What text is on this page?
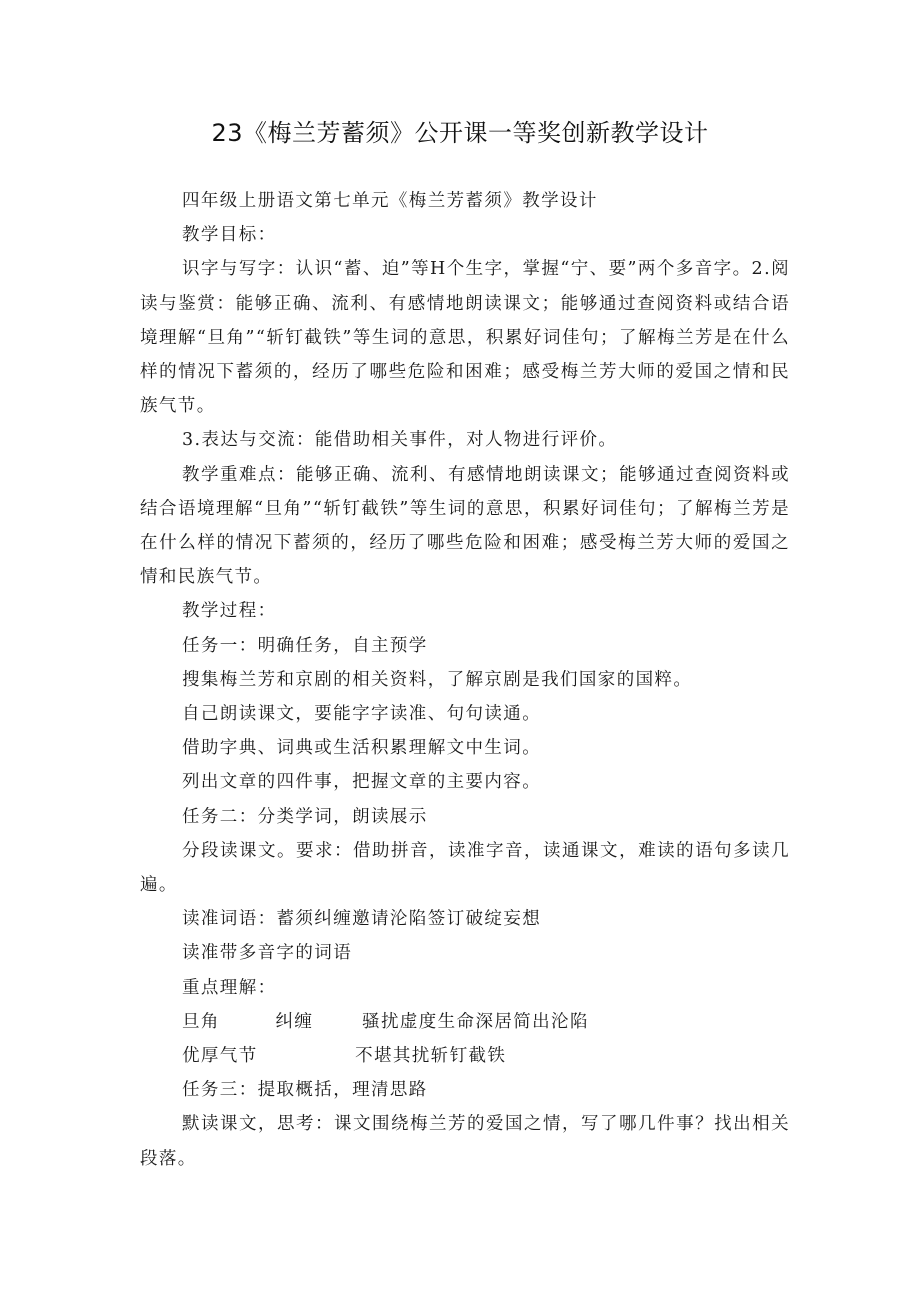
23《梅兰芳蓄须》公开课一等奖创新教学设计

四年级上册语文第七单元《梅兰芳蓄须》教学设计

教学目标：

识字与写字：认识“蓄、迫”等H个生字，掌握“宁、要”两个多音字。2.阅读与鉴赏：能够正确、流利、有感情地朗读课文；能够通过查阅资料或结合语境理解“旦角”“斩钉截铁”等生词的意思，积累好词佳句；了解梅兰芳是在什么样的情况下蓄须的，经历了哪些危险和困难；感受梅兰芳大师的爱国之情和民族气节。

3.表达与交流：能借助相关事件，对人物进行评价。

教学重难点：能够正确、流利、有感情地朗读课文；能够通过查阅资料或结合语境理解“旦角”“斩钉截铁”等生词的意思，积累好词佳句；了解梅兰芳是在什么样的情况下蓄须的，经历了哪些危险和困难；感受梅兰芳大师的爱国之情和民族气节。

教学过程：

任务一：明确任务，自主预学

搜集梅兰芳和京剧的相关资料，了解京剧是我们国家的国粹。

自己朗读课文，要能字字读准、句句读通。

借助字典、词典或生活积累理解文中生词。

列出文章的四件事，把握文章的主要内容。

任务二：分类学词，朗读展示

分段读课文。要求：借助拼音，读准字音，读通课文，难读的语句多读几遍。

读准词语：蓄须纠缠邀请沦陷签订破绽妄想

读准带多音字的词语

重点理解：

旦角        纠缠       骚扰虚度生命深居简出沦陷

优厚气节              不堪其扰斩钉截铁

任务三：提取概括，理清思路

默读课文，思考：课文围绕梅兰芳的爱国之情，写了哪几件事？找出相关段落。
